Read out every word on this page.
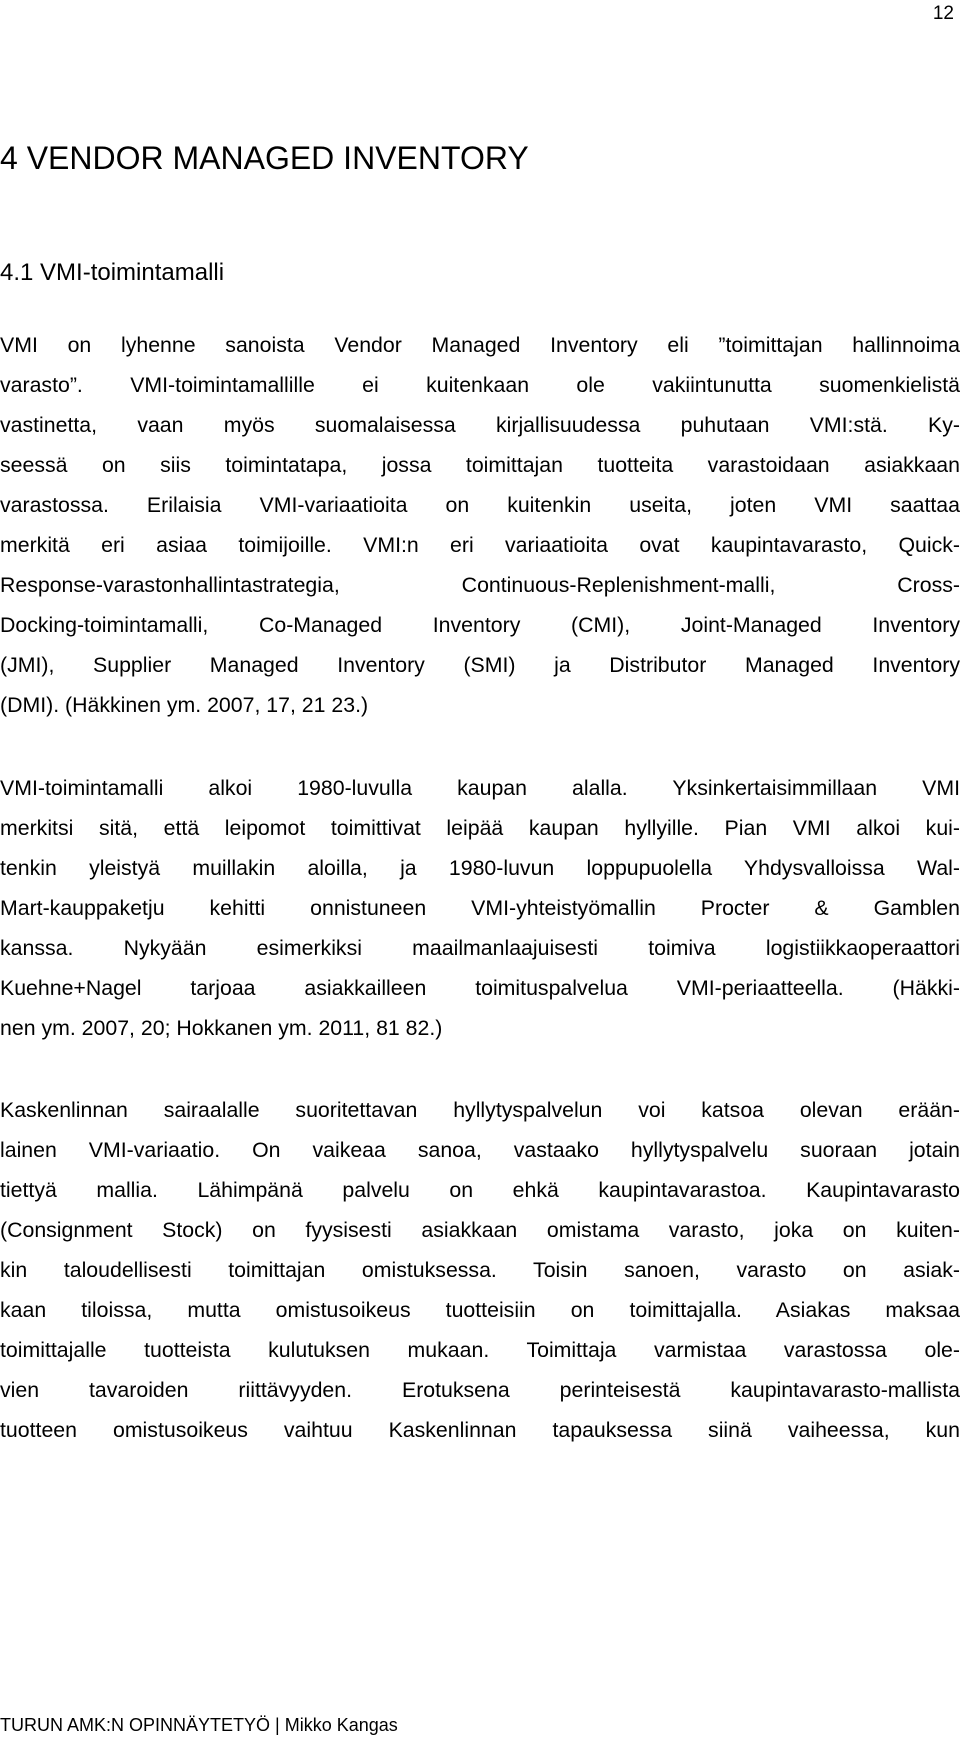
12
4 VENDOR MANAGED INVENTORY
4.1 VMI-toimintamalli
VMI on lyhenne sanoista Vendor Managed Inventory eli ”toimittajan hallinnoima
varasto”. VMI-toimintamallille ei kuitenkaan ole vakiintunutta suomenkielistä
vastinetta, vaan myös suomalaisessa kirjallisuudessa puhutaan VMI:stä. Ky-
seessä on siis toimintatapa, jossa toimittajan tuotteita varastoidaan asiakkaan
varastossa. Erilaisia VMI-variaatioita on kuitenkin useita, joten VMI saattaa
merkitä eri asiaa toimijoille. VMI:n eri variaatioita ovat kaupintavarasto, Quick-
Response-varastonhallintastrategia, Continuous-Replenishment-malli, Cross-
Docking-toimintamalli, Co-Managed Inventory (CMI), Joint-Managed Inventory
(JMI), Supplier Managed Inventory (SMI) ja Distributor Managed Inventory
(DMI). (Häkkinen ym. 2007, 17, 21 23.)
VMI-toimintamalli alkoi 1980-luvulla kaupan alalla. Yksinkertaisimmillaan VMI
merkitsi sitä, että leipomot toimittivat leipää kaupan hyllyille. Pian VMI alkoi kui-
tenkin yleistyä muillakin aloilla, ja 1980-luvun loppupuolella Yhdysvalloissa Wal-
Mart-kauppaketju kehitti onnistuneen VMI-yhteistyömallin Procter & Gamblen
kanssa. Nykyään esimerkiksi maailmanlaajuisesti toimiva logistiikkaoperaattori
Kuehne+Nagel tarjoaa asiakkailleen toimituspalvelua VMI-periaatteella. (Häkki-
nen ym. 2007, 20; Hokkanen ym. 2011, 81 82.)
Kaskenlinnan sairaalalle suoritettavan hyllytyspalvelun voi katsoa olevan erään-
lainen VMI-variaatio. On vaikeaa sanoa, vastaako hyllytyspalvelu suoraan jotain
tiettyä mallia. Lähimpänä palvelu on ehkä kaupintavarastoa. Kaupintavarasto
(Consignment Stock) on fyysisesti asiakkaan omistama varasto, joka on kuiten-
kin taloudellisesti toimittajan omistuksessa. Toisin sanoen, varasto on asiak-
kaan tiloissa, mutta omistusoikeus tuotteisiin on toimittajalla. Asiakas maksaa
toimittajalle tuotteista kulutuksen mukaan. Toimittaja varmistaa varastossa ole-
vien tavaroiden riittävyyden. Erotuksena perinteisestä kaupintavarasto-mallista
tuotteen omistusoikeus vaihtuu Kaskenlinnan tapauksessa siinä vaiheessa, kun
TURUN AMK:N OPINNÄYTETYÖ | Mikko Kangas
